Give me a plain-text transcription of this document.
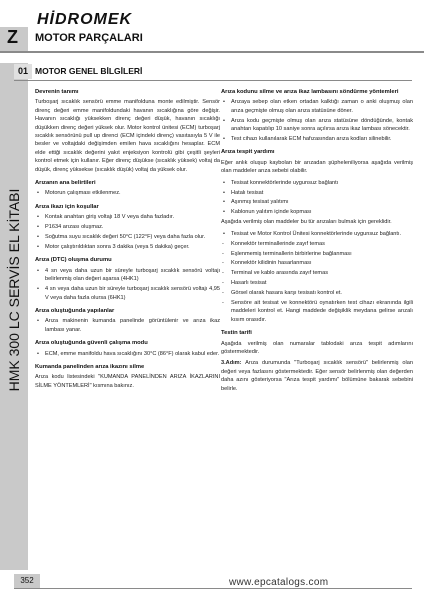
HİDROMEK
Z MOTOR PARÇALARI
HMK 300 LC SERVİS EL KİTABI
01 MOTOR GENEL BİLGİLERİ
Devrenin tanımı

Turboşarj sıcaklık sensörü emme manifolduna monte edilmiştir. Sensör direnç değeri emme manifoldundaki havanın sıcaklığına göre değişir. Havanın sıcaklığı yüksekken direnç değeri düşük, havanın sıcaklığı düşükken direnç değeri yüksek olur. Motor kontrol ünitesi (ECM) turboşarj sıcaklık sensörünü pull up direnci (ECM içindeki direnç) vasıtasıyla 5 V ile besler ve voltajdaki değişimden emilen hava sıcaklığını hesaplar. ECM elde ettiği sıcaklık değerini yakıt enjeksiyon kontrolü gibi çeşitli şeyleri kontrol etmek için kullanır. Eğer direnç düşükse (sıcaklık yüksek) voltaj da düşük, direnç yüksekse (sıcaklık düşük) voltaj da yüksek olur.

Arızanın ana belirtileri
• Motorun çalışması etkilenmez.
Arıza ikazı için koşullar
• Kontak anahtarı giriş voltajı 18 V veya daha fazladır.
• P1634 arızası oluşmaz.
• Soğutma suyu sıcaklık değeri 50°C (122°F) veya daha fazla olur.
• Motor çalıştırıldıktan sonra 3 dakika (veya 5 dakika) geçer.
Arıza (DTC) oluşma durumu
• 4 sn veya daha uzun bir süreyle turboşarj sıcaklık sensörü voltajı belirlenmiş olan değeri aşarsa (4HK1)
• 4 sn veya daha uzun bir süreyle turboşarj sıcaklık sensörü voltajı 4,95 V veya daha fazla olursa (6HK1)
Arıza oluştuğunda yapılanlar
• Arıza makinenin kumanda panelinde görüntülenir ve arıza ikaz lambası yanar.
Arıza oluştuğunda güvenli çalışma modu
• ECM, emme manifoldu hava sıcaklığını 30°C (86°F) olarak kabul eder.
Kumanda panelinden arıza ikazını silme

Arıza kodu listesindeki "KUMANDA PANELİNDEN ARIZA İKAZLARINI SİLME YÖNTEMLERİ" kısmına bakınız.

Arıza kodunu silme ve arıza ikaz lambasını söndürme yöntemleri
• Arızaya sebep olan etken ortadan kalktığı zaman o anki oluşmuş olan arıza geçmişte olmuş olan arıza statüsüne döner.
• Arıza kodu geçmişte olmuş olan arıza statüsüne döndüğünde, kontak anahtarı kapatılıp 10 saniye sonra açılırsa arıza ikaz lambası sönecektir.
• Test cihazı kullanılarak ECM hafızasından arıza kodları silinebilir.
Arıza tespit yardımı

Eğer anlık oluşup kaybolan bir arızadan şüpheleniliyorsa aşağıda verilmiş olan maddeler arıza sebebi olabilir.

• Tesisat konnektörlerinde uygunsuz bağlantı
• Hatalı tesisat
• Aşınmış tesisat yalıtımı
• Kablonun yalıtım içinde kopması

Aşağıda verilmiş olan maddeler bu tür arızaları bulmak için gereklidir.

• Tesisat ve Motor Kontrol Ünitesi konnektörlerinde uygunsuz bağlantı.
- Konnektör terminallerinde zayıf temas
- Eşlenmemiş terminallerin birbirlerine bağlanması
- Konnektör kilidinin hasarlanması
- Terminal ve kablo arasında zayıf temas
- Hasarlı tesisat
- Görsel olarak hasara karşı tesisatı kontrol et.
- Sensöre ait tesisat ve konnektörü oynatırken test cihazı ekranında ilgili maddeleri kontrol et. Hangi maddede değişiklik meydana gelirse arızalı kısım orasıdır.
Testin tarifi

Aşağıda verilmiş olan numaralar tablodaki arıza tespit adımlarını göstermektedir.

3.Adım: Arıza durumunda "Turboşarj sıcaklık sensörü" belirlenmiş olan değeri veya fazlasını göstermektedir. Eğer sensör belirlenmiş olan değerden daha azını gösteriyorsa "Arıza tespit yardımı" bölümüne bakarak sebebini belirle.

352	www.epcatalogs.com
